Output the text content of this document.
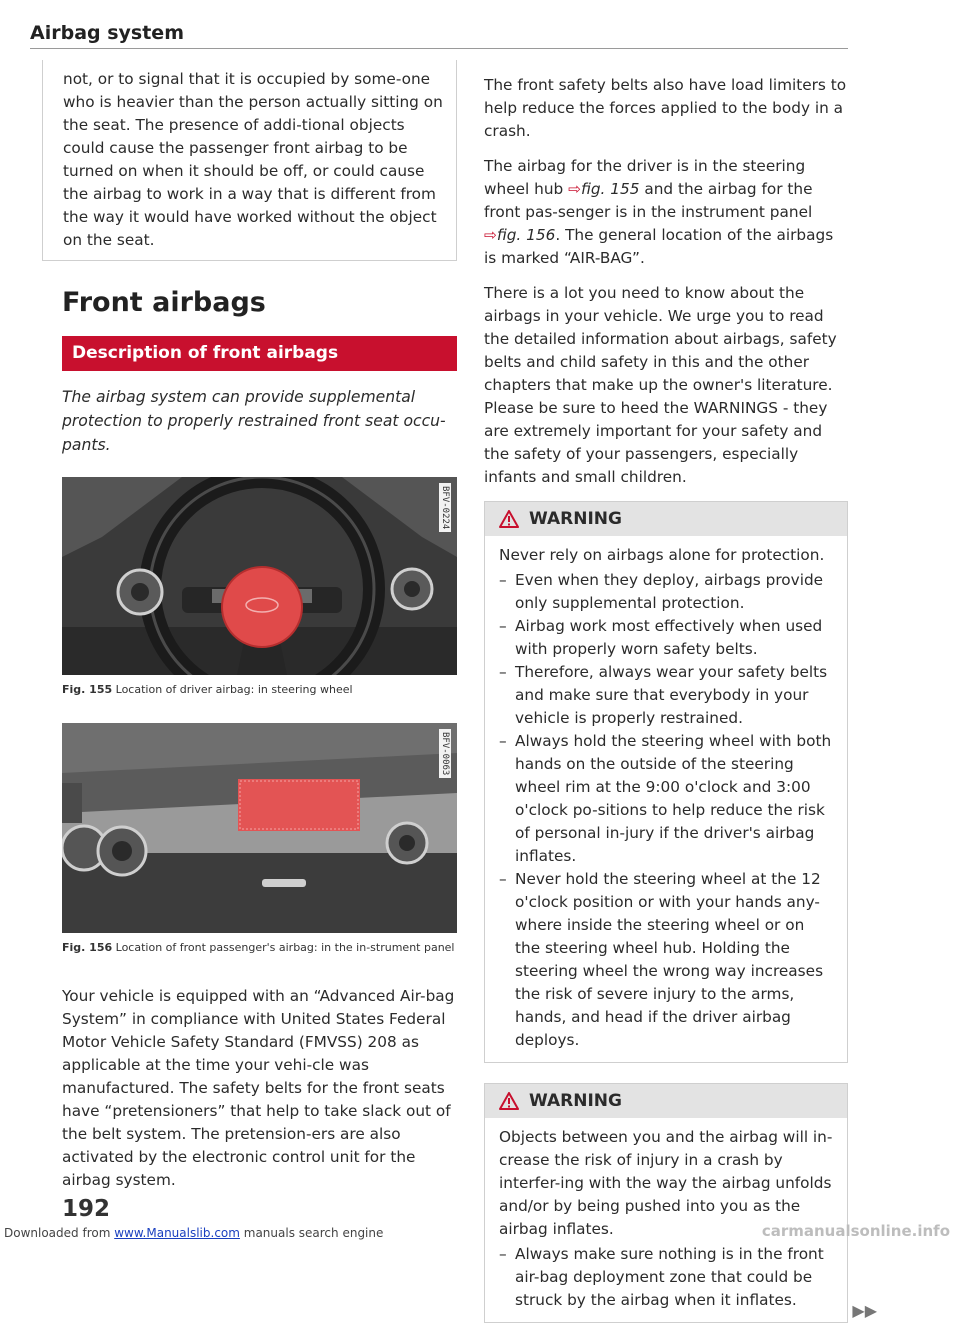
Airbag system

not, or to signal that it is occupied by some-one who is heavier than the person actually sitting on the seat. The presence of addi-tional objects could cause the passenger front airbag to be turned on when it should be off, or could cause the airbag to work in a way that is different from the way it would have worked without the object on the seat.

Front airbags
Description of front airbags

The airbag system can provide supplemental protection to properly restrained front seat occu-pants.

BFV-0224
Fig. 155 Location of driver airbag: in steering wheel
BFV-0063
Fig. 156 Location of front passenger's airbag: in the in-strument panel

Your vehicle is equipped with an “Advanced Air-bag System” in compliance with United States Federal Motor Vehicle Safety Standard (FMVSS) 208 as applicable at the time your vehi-cle was manufactured. The safety belts for the front seats have “pretensioners” that help to take slack out of the belt system. The pretension-ers are also activated by the electronic control unit for the airbag system.

The front safety belts also have load limiters to help reduce the forces applied to the body in a crash.

The airbag for the driver is in the steering wheel hub ⇨fig. 155 and the airbag for the front pas-senger is in the instrument panel ⇨fig. 156. The general location of the airbags is marked “AIR-BAG”.

There is a lot you need to know about the airbags in your vehicle. We urge you to read the detailed information about airbags, safety belts and child safety in this and the other chapters that make up the owner's literature. Please be sure to heed the WARNINGS - they are extremely important for your safety and the safety of your passengers, especially infants and small children.

WARNING

Never rely on airbags alone for protection.

– Even when they deploy, airbags provide only supplemental protection.
– Airbag work most effectively when used with properly worn safety belts.
– Therefore, always wear your safety belts and make sure that everybody in your vehicle is properly restrained.
– Always hold the steering wheel with both hands on the outside of the steering wheel rim at the 9:00 o'clock and 3:00 o'clock po-sitions to help reduce the risk of personal in-jury if the driver's airbag inflates.
– Never hold the steering wheel at the 12 o'clock position or with your hands any-where inside the steering wheel or on the steering wheel hub. Holding the steering wheel the wrong way increases the risk of severe injury to the arms, hands, and head if the driver airbag deploys.
WARNING

Objects between you and the airbag will in-crease the risk of injury in a crash by interfer-ing with the way the airbag unfolds and/or by being pushed into you as the airbag inflates.

– Always make sure nothing is in the front air-bag deployment zone that could be struck by the airbag when it inflates.
▶▶
192
Downloaded from www.Manualslib.com manuals search engine	carmanualsonline.info
